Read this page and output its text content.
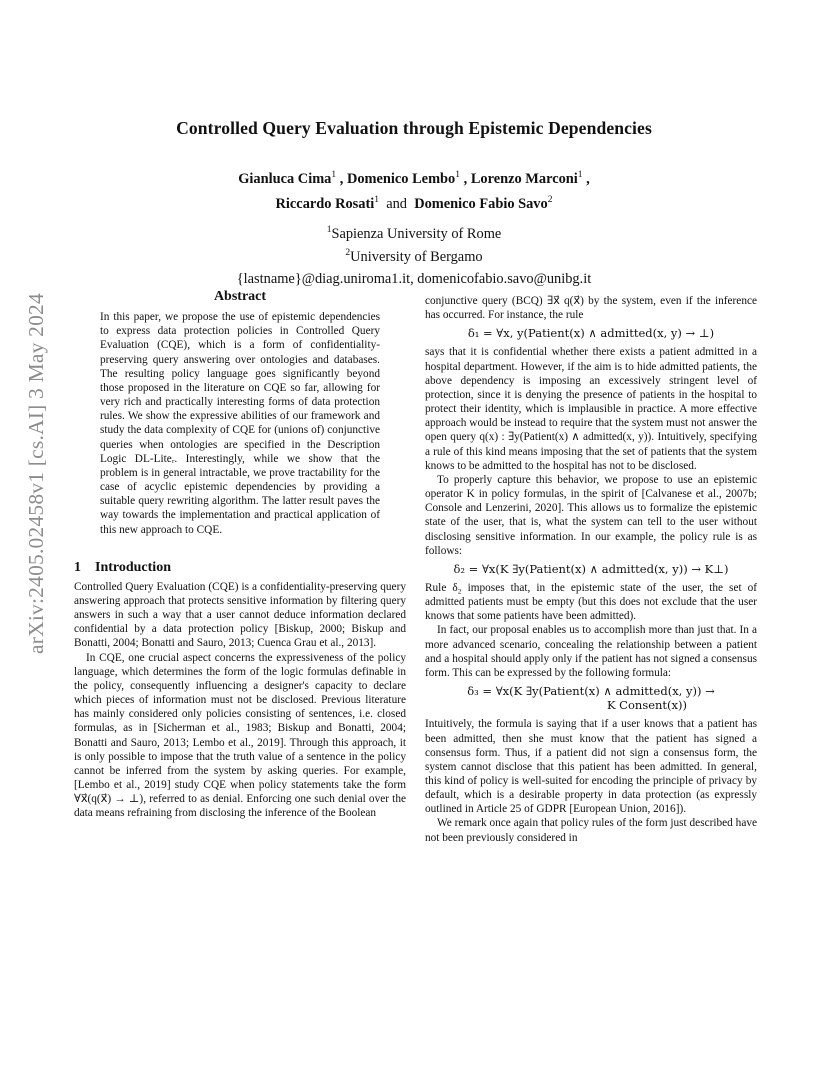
arXiv:2405.02458v1 [cs.AI] 3 May 2024
Controlled Query Evaluation through Epistemic Dependencies
Gianluca Cima$^1$ , Domenico Lembo$^1$ , Lorenzo Marconi$^1$ ,
Riccardo Rosati$^1$ and Domenico Fabio Savo$^2$
$^1$Sapienza University of Rome
$^2$University of Bergamo
{lastname}@diag.uniroma1.it, domenicofabio.savo@unibg.it
Abstract

In this paper, we propose the use of epistemic dependencies to express data protection policies in Controlled Query Evaluation (CQE), which is a form of confidentiality-preserving query answering over ontologies and databases. The resulting policy language goes significantly beyond those proposed in the literature on CQE so far, allowing for very rich and practically interesting forms of data protection rules. We show the expressive abilities of our framework and study the data complexity of CQE for (unions of) conjunctive queries when ontologies are specified in the Description Logic DL-Liteᵣ. Interestingly, while we show that the problem is in general intractable, we prove tractability for the case of acyclic epistemic dependencies by providing a suitable query rewriting algorithm. The latter result paves the way towards the implementation and practical application of this new approach to CQE.

1 Introduction

Controlled Query Evaluation (CQE) is a confidentiality-preserving query answering approach that protects sensitive information by filtering query answers in such a way that a user cannot deduce information declared confidential by a data protection policy [Biskup, 2000; Biskup and Bonatti, 2004; Bonatti and Sauro, 2013; Cuenca Grau et al., 2013].

In CQE, one crucial aspect concerns the expressiveness of the policy language, which determines the form of the logic formulas definable in the policy, consequently influencing a designer's capacity to declare which pieces of information must not be disclosed. Previous literature has mainly considered only policies consisting of sentences, i.e. closed formulas, as in [Sicherman et al., 1983; Biskup and Bonatti, 2004; Bonatti and Sauro, 2013; Lembo et al., 2019]. Through this approach, it is only possible to impose that the truth value of a sentence in the policy cannot be inferred from the system by asking queries. For example, [Lembo et al., 2019] study CQE when policy statements take the form ∀x⃗(q(x⃗) → ⊥), referred to as denial. Enforcing one such denial over the data means refraining from disclosing the inference of the Boolean

conjunctive query (BCQ) ∃x⃗ q(x⃗) by the system, even if the inference has occurred. For instance, the rule

δ₁ = ∀x, y(Patient(x) ∧ admitted(x, y) → ⊥)

says that it is confidential whether there exists a patient admitted in a hospital department. However, if the aim is to hide admitted patients, the above dependency is imposing an excessively stringent level of protection, since it is denying the presence of patients in the hospital to protect their identity, which is implausible in practice. A more effective approach would be instead to require that the system must not answer the open query q(x) : ∃y(Patient(x) ∧ admitted(x, y)). Intuitively, specifying a rule of this kind means imposing that the set of patients that the system knows to be admitted to the hospital has not to be disclosed.

To properly capture this behavior, we propose to use an epistemic operator K in policy formulas, in the spirit of [Calvanese et al., 2007b; Console and Lenzerini, 2020]. This allows us to formalize the epistemic state of the user, that is, what the system can tell to the user without disclosing sensitive information. In our example, the policy rule is as follows:

δ₂ = ∀x(K ∃y(Patient(x) ∧ admitted(x, y)) → K⊥)

Rule δ₂ imposes that, in the epistemic state of the user, the set of admitted patients must be empty (but this does not exclude that the user knows that some patients have been admitted).

In fact, our proposal enables us to accomplish more than just that. In a more advanced scenario, concealing the relationship between a patient and a hospital should apply only if the patient has not signed a consensus form. This can be expressed by the following formula:

δ₃ = ∀x(K ∃y(Patient(x) ∧ admitted(x, y)) →
K Consent(x))

Intuitively, the formula is saying that if a user knows that a patient has been admitted, then she must know that the patient has signed a consensus form. Thus, if a patient did not sign a consensus form, the system cannot disclose that this patient has been admitted. In general, this kind of policy is well-suited for encoding the principle of privacy by default, which is a desirable property in data protection (as expressly outlined in Article 25 of GDPR [European Union, 2016]).

We remark once again that policy rules of the form just described have not been previously considered in
